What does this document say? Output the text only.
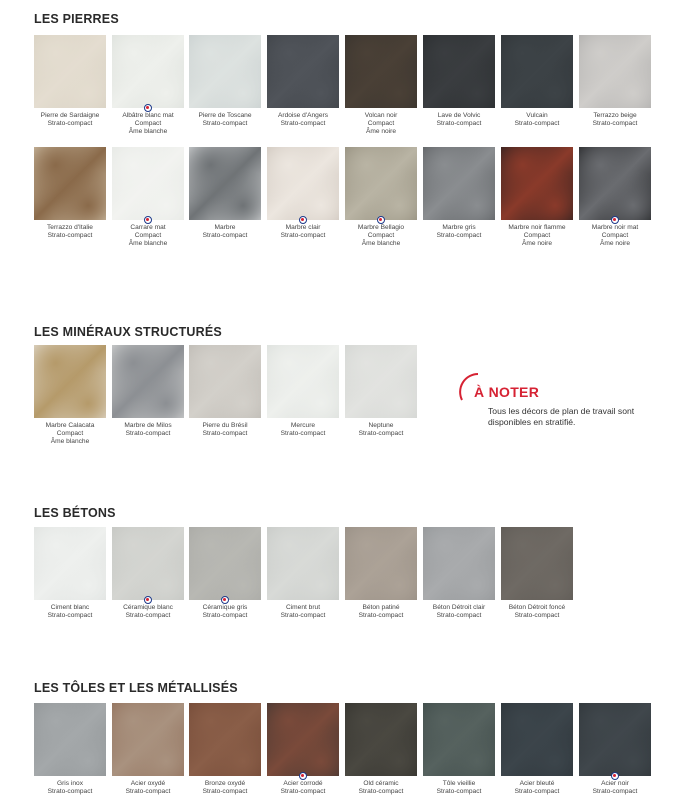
LES PIERRES
LES MINÉRAUX STRUCTURÉS
LES BÉTONS
LES TÔLES ET LES MÉTALLISÉS
Pierre de Sardaigne
Strato-compact
Albâtre blanc mat
Compact
Âme blanche
Pierre de Toscane
Strato-compact
Ardoise d'Angers
Strato-compact
Volcan noir
Compact
Âme noire
Lave de Volvic
Strato-compact
Vulcain
Strato-compact
Terrazzo beige
Strato-compact
Terrazzo d'Italie
Strato-compact
Carrare mat
Compact
Âme blanche
Marbre
Strato-compact
Marbre clair
Strato-compact
Marbre Bellagio
Compact
Âme blanche
Marbre gris
Strato-compact
Marbre noir flamme
Compact
Âme noire
Marbre noir mat
Compact
Âme noire
Marbre Calacata
Compact
Âme blanche
Marbre de Milos
Strato-compact
Pierre du Brésil
Strato-compact
Mercure
Strato-compact
Neptune
Strato-compact
Ciment blanc
Strato-compact
Céramique blanc
Strato-compact
Céramique gris
Strato-compact
Ciment brut
Strato-compact
Béton patiné
Strato-compact
Béton Détroit clair
Strato-compact
Béton Détroit foncé
Strato-compact
Gris inox
Strato-compact
Acier oxydé
Strato-compact
Bronze oxydé
Strato-compact
Acier corrodé
Strato-compact
Old céramic
Strato-compact
Tôle vieillie
Strato-compact
Acier bleuté
Strato-compact
Acier noir
Strato-compact
À NOTER
Tous les décors de plan de travail sont disponibles en stratifié.
